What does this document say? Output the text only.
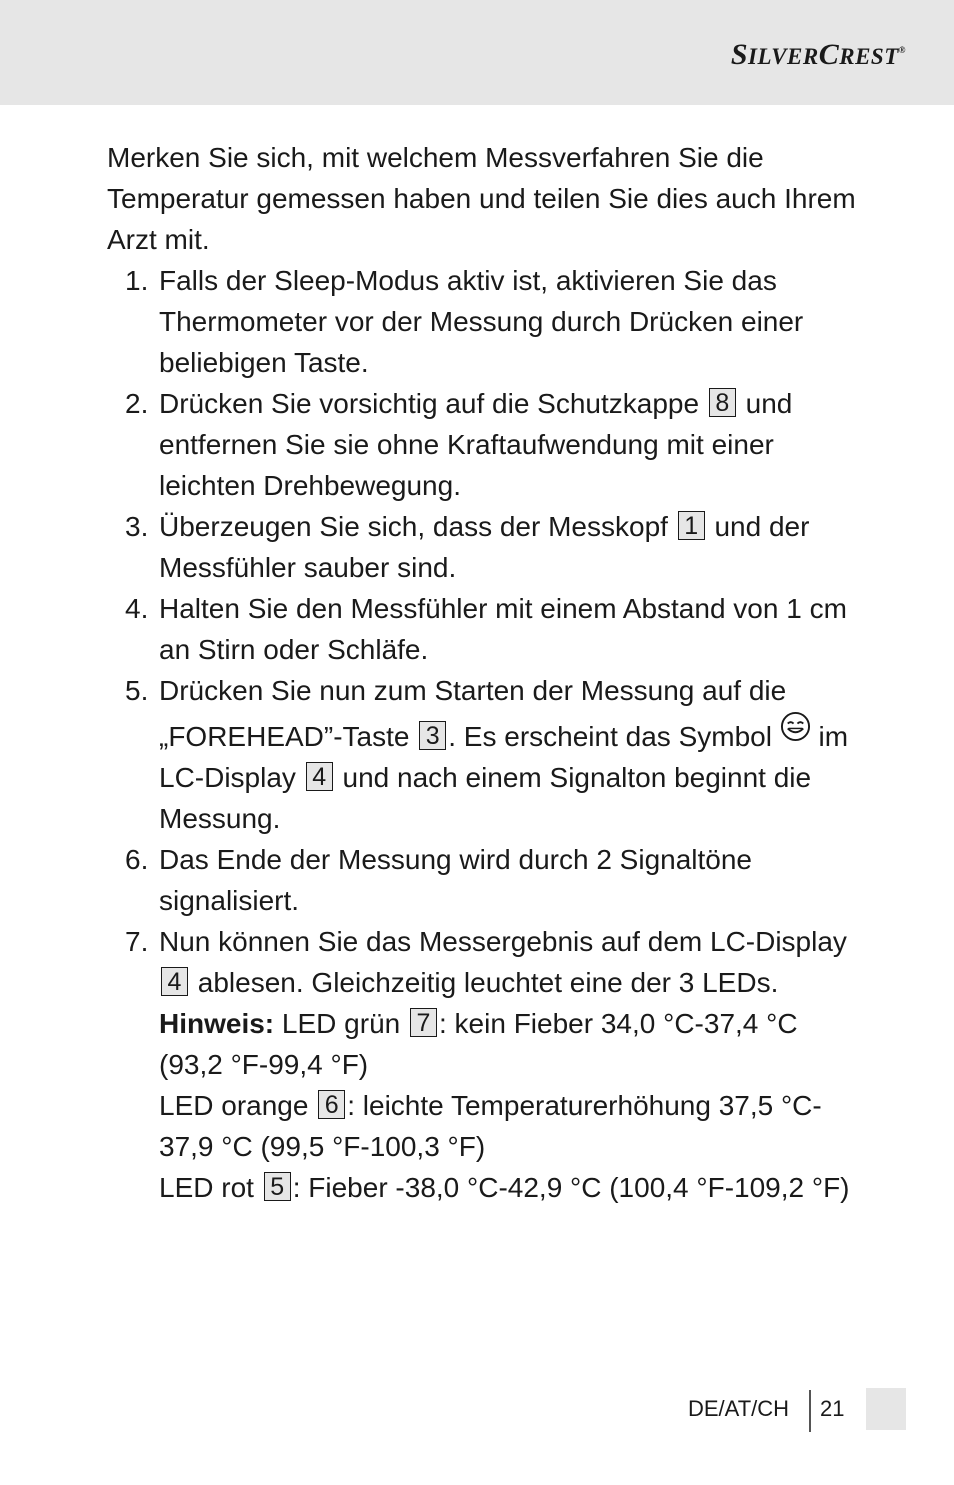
SILVERCREST®

Merken Sie sich, mit welchem Messverfahren Sie die Temperatur gemessen haben und teilen Sie dies auch Ihrem Arzt mit.

1. Falls der Sleep-Modus aktiv ist, aktivieren Sie das Thermometer vor der Messung durch Drücken einer beliebigen Taste.
2. Drücken Sie vorsichtig auf die Schutzkappe 8 und entfernen Sie sie ohne Kraftaufwendung mit einer leichten Drehbewegung.
3. Überzeugen Sie sich, dass der Messkopf 1 und der Messfühler sauber sind.
4. Halten Sie den Messfühler mit einem Abstand von 1 cm an Stirn oder Schläfe.
5. Drücken Sie nun zum Starten der Messung auf die „FOREHEAD”-Taste 3 . Es erscheint das Symbol im LC-Display 4 und nach einem Signalton beginnt die Messung.
6. Das Ende der Messung wird durch 2 Signaltöne signalisiert.
7. Nun können Sie das Messergebnis auf dem LC-Display 4 ablesen. Gleichzeitig leuchtet eine der 3 LEDs.
Hinweis: LED grün 7 : kein Fieber 34,0 °C-37,4 °C (93,2 °F-99,4 °F)
LED orange 6 : leichte Temperaturerhöhung 37,5 °C-37,9 °C (99,5 °F-100,3 °F)
LED rot 5 : Fieber -38,0 °C-42,9 °C (100,4 °F-109,2 °F)
DE/AT/CH 21
